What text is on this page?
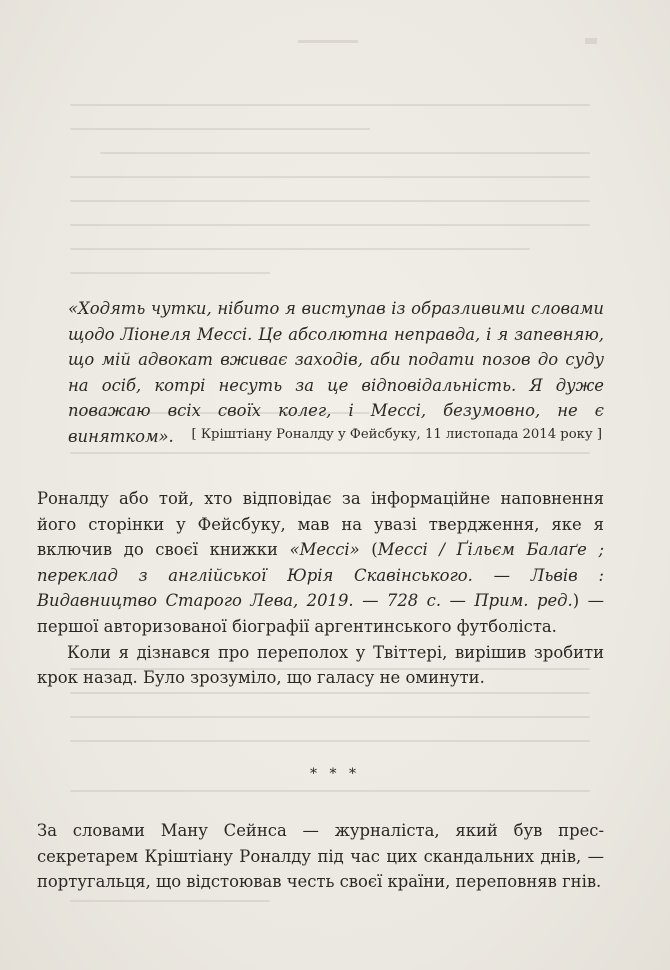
«Ходять чутки, нібито я виступав із образливими словами щодо Ліонеля Мессі. Це абсолютна неправда, і я запевняю, що мій адвокат вживає заходів, аби подати позов до суду на осіб, котрі несуть за це відповідальність. Я дуже поважаю всіх своїх колег, і Мессі, безумовно, не є винятком».	[ Кріштіану Роналду у Фейсбуку, 11 листопада 2014 року ]

Роналду або той, хто відповідає за інформаційне наповнення його сторінки у Фейсбуку, мав на увазі твердження, яке я включив до своєї книжки «Мессі» (Мессі / Ґільєм Балаґе ; переклад з англійської Юрія Скавінського. — Львів : Видавництво Старого Лева, 2019. — 728 с. — Прим. ред.) — першої авторизованої біографії аргентинського футболіста.

Коли я дізнався про переполох у Твіттері, вирішив зробити крок назад. Було зрозуміло, що галасу не оминути.

* * *

За словами Ману Сейнса — журналіста, який був прес-секретарем Кріштіану Роналду під час цих скандальних днів, — португальця, що відстоював честь своєї країни, переповняв гнів.
